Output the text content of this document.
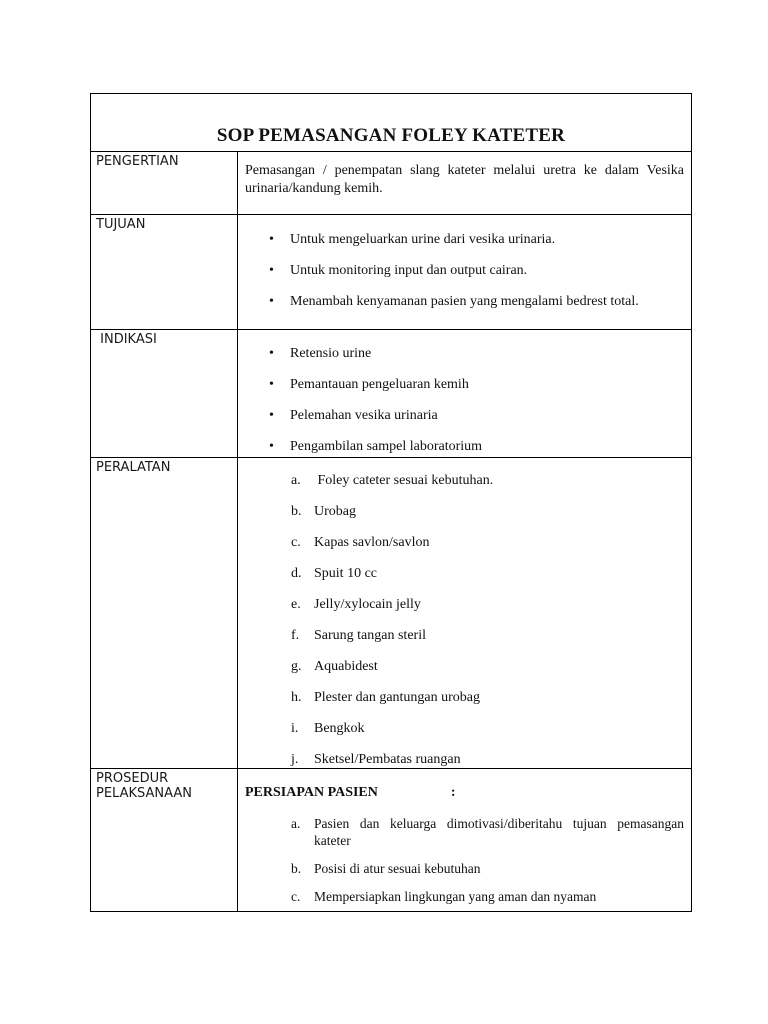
SOP PEMASANGAN FOLEY KATETER
PENGERTIAN
Pemasangan / penempatan slang kateter melalui uretra ke dalam Vesika urinaria/kandung kemih.
TUJUAN
• Untuk mengeluarkan urine dari vesika urinaria.
• Untuk monitoring input dan output cairan.
• Menambah kenyamanan pasien yang mengalami bedrest total.
INDIKASI
• Retensio urine
• Pemantauan pengeluaran kemih
• Pelemahan vesika urinaria
• Pengambilan sampel laboratorium
PERALATAN
a. Foley cateter sesuai kebutuhan.
b. Urobag
c. Kapas savlon/savlon
d. Spuit 10 cc
e. Jelly/xylocain jelly
f. Sarung tangan steril
g. Aquabidest
h. Plester dan gantungan urobag
i. Bengkok
j. Sketsel/Pembatas ruangan
PROSEDUR
PELAKSANAAN	PERSIAPAN PASIEN	:
a. Pasien dan keluarga dimotivasi/diberitahu tujuan pemasangan kateter
b. Posisi di atur sesuai kebutuhan
c. Mempersiapkan lingkungan yang aman dan nyaman
